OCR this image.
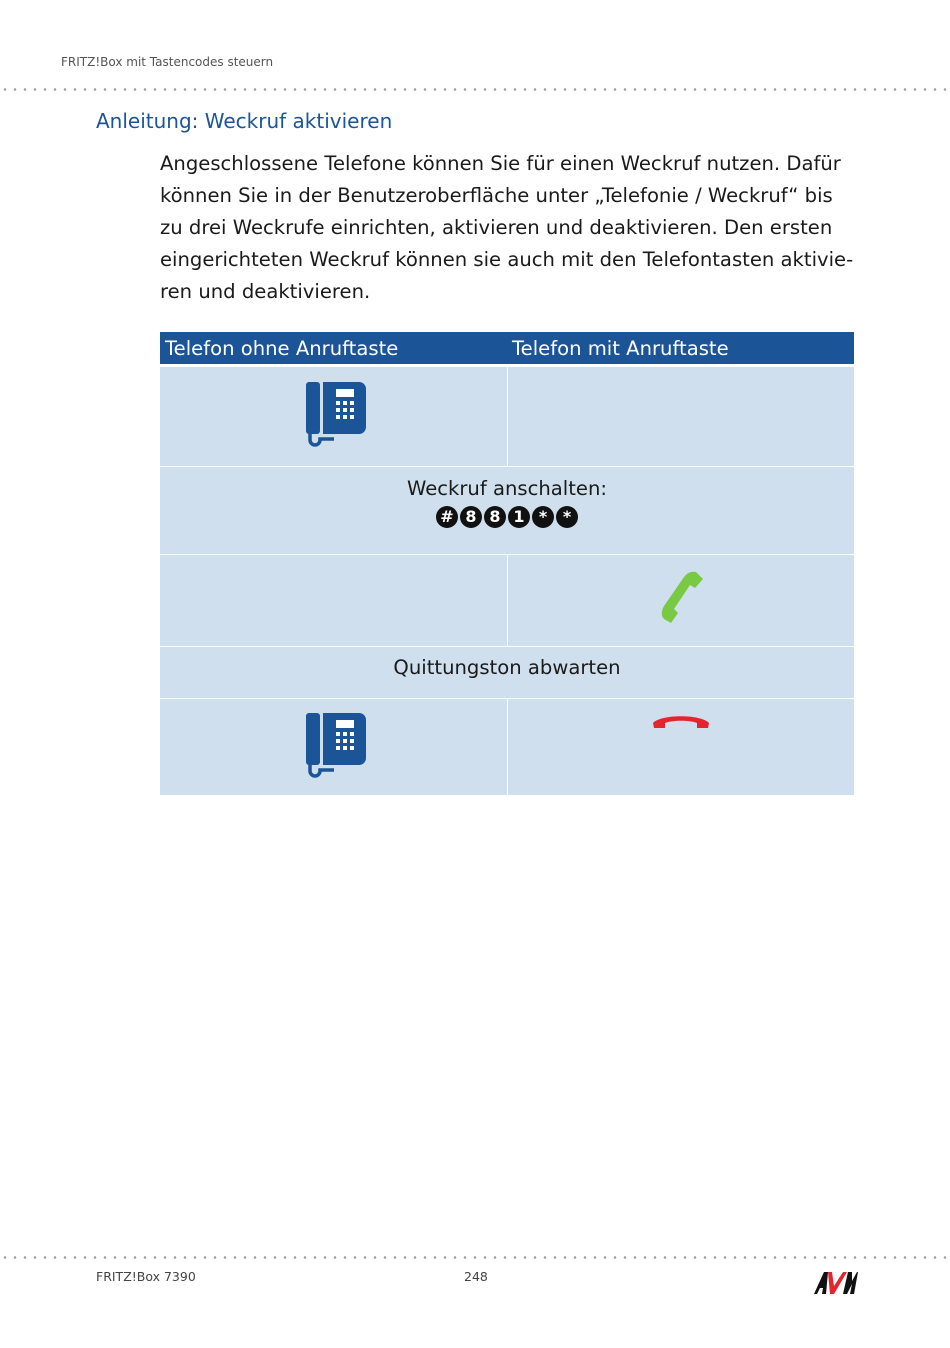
FRITZ!Box mit Tastencodes steuern
Anleitung: Weckruf aktivieren
Angeschlossene Telefone können Sie für einen Weckruf nutzen. Dafür können Sie in der Benutzeroberfläche unter „Telefonie / Weckruf“ bis zu drei Weckrufe einrichten, aktivieren und deaktivieren. Den ersten eingerichteten Weckruf können sie auch mit den Telefontasten aktivie-ren und deaktivieren.
Telefon ohne Anruftaste	Telefon mit Anruftaste
Weckruf anschalten:
# 8 8 1 * *
Quittungston abwarten
FRITZ!Box 7390	248
